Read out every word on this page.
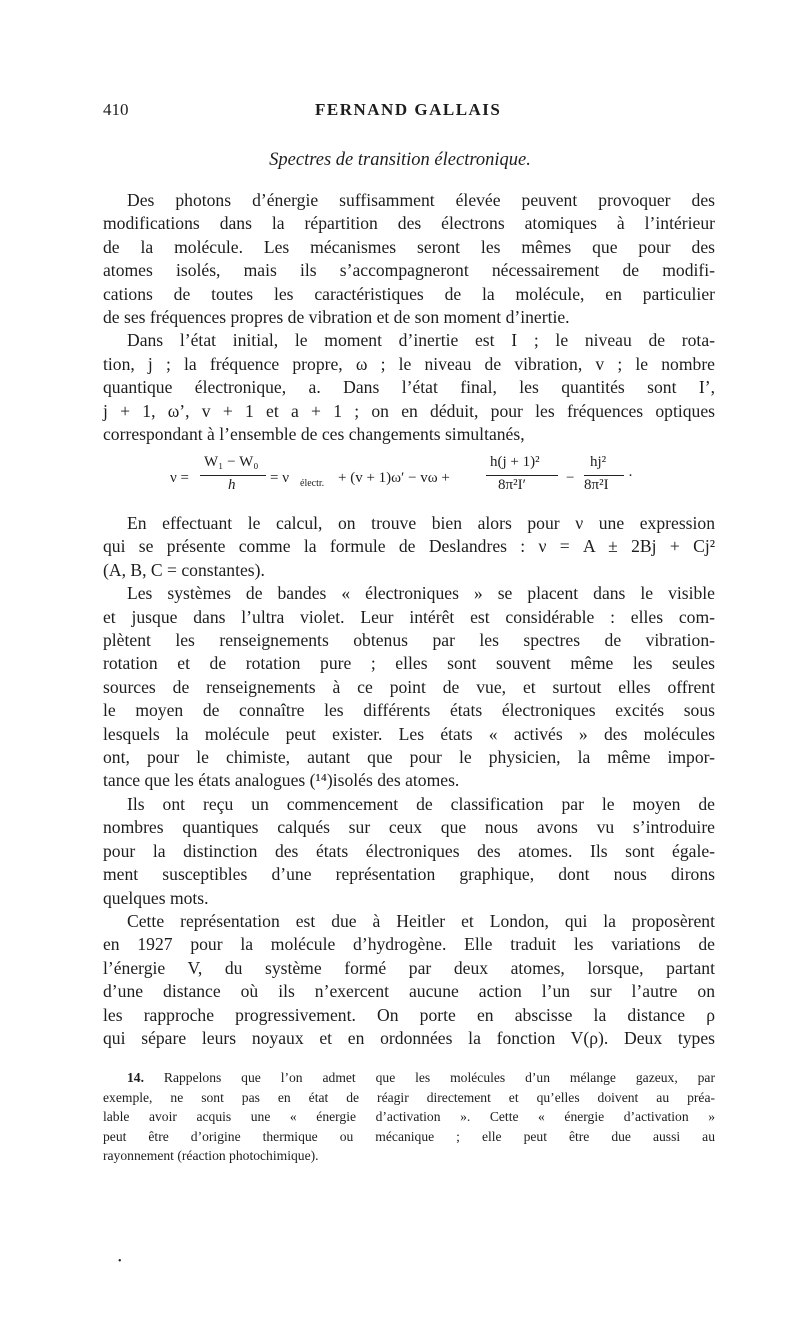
410	FERNAND GALLAIS
Spectres de transition électronique.
Des photons d’énergie suffisamment élevée peuvent provoquer des
modifications dans la répartition des électrons atomiques à l’intérieur
de la molécule. Les mécanismes seront les mêmes que pour des
atomes isolés, mais ils s’accompagneront nécessairement de modifi-
cations de toutes les caractéristiques de la molécule, en particulier
de ses fréquences propres de vibration et de son moment d’inertie.
Dans l’état initial, le moment d’inertie est I ; le niveau de rota-
tion, j ; la fréquence propre, ω ; le niveau de vibration, v ; le nombre
quantique électronique, a. Dans l’état final, les quantités sont I’,
j + 1, ω’, v + 1 et a + 1 ; on en déduit, pour les fréquences optiques
correspondant à l’ensemble de ces changements simultanés,
ν =
W₁ − W₀
h = ν électr. + (v + 1)ω′ − vω +
h(j + 1)²
8π²I′	−
hj²
8π²I
·
En effectuant le calcul, on trouve bien alors pour ν une expression
qui se présente comme la formule de Deslandres : ν = A ± 2Bj + Cj²
(A, B, C = constantes).
Les systèmes de bandes « électroniques » se placent dans le visible
et jusque dans l’ultra violet. Leur intérêt est considérable : elles com-
plètent les renseignements obtenus par les spectres de vibration-
rotation et de rotation pure ; elles sont souvent même les seules
sources de renseignements à ce point de vue, et surtout elles offrent
le moyen de connaître les différents états électroniques excités sous
lesquels la molécule peut exister. Les états « activés » des molécules
ont, pour le chimiste, autant que pour le physicien, la même impor-
tance que les états analogues (¹⁴)isolés des atomes.
Ils ont reçu un commencement de classification par le moyen de
nombres quantiques calqués sur ceux que nous avons vu s’introduire
pour la distinction des états électroniques des atomes. Ils sont égale-
ment susceptibles d’une représentation graphique, dont nous dirons
quelques mots.
Cette représentation est due à Heitler et London, qui la proposèrent
en 1927 pour la molécule d’hydrogène. Elle traduit les variations de
l’énergie V, du système formé par deux atomes, lorsque, partant
d’une distance où ils n’exercent aucune action l’un sur l’autre on
les rapproche progressivement. On porte en abscisse la distance ρ
qui sépare leurs noyaux et en ordonnées la fonction V(ρ). Deux types
14. Rappelons que l’on admet que les molécules d’un mélange gazeux, par
exemple, ne sont pas en état de réagir directement et qu’elles doivent au préa-
lable avoir acquis une « énergie d’activation ». Cette « énergie d’activation »
peut être d’origine thermique ou mécanique ; elle peut être due aussi au
rayonnement (réaction photochimique).
•
